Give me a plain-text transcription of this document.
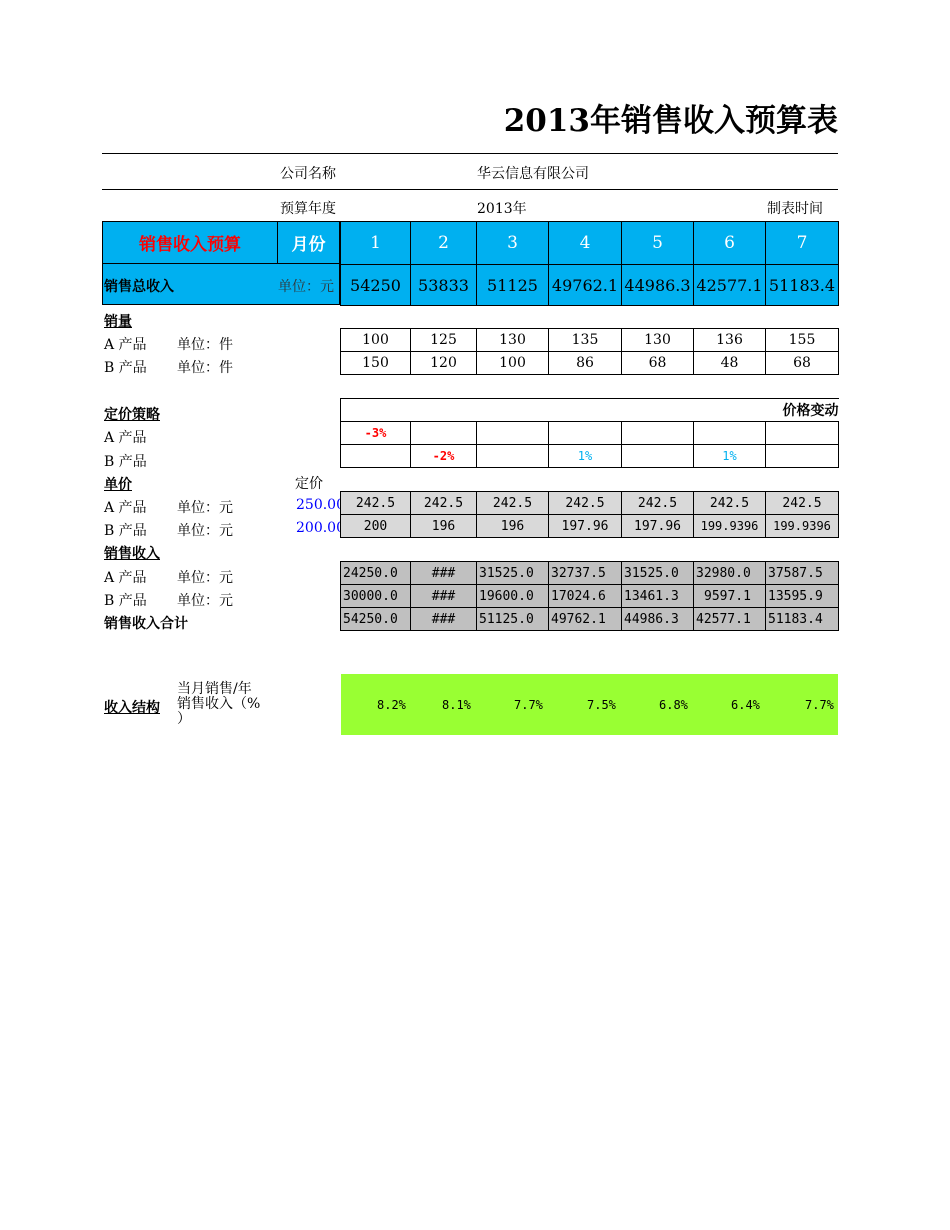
2013年销售收入预算表
公司名称	华云信息有限公司
预算年度	2013年	制表时间
销售收入预算	月份	1	2	3	4	5	6	7
销售总收入	单位：元 54250	53833	51125	49762.1	44986.3	42577.1	51183.4
销量
A 产品 单位：件
B 产品 单位：件
100	125	130	135	130	136	155
150	120	100	86	68	48	68
定价策略
A 产品
B 产品
价格变动						
-3%						
	-2%		1%		1%	
单价	定价
A 产品 单位：元	250.00
B 产品 单位：元	200.00
242.5	242.5	242.5	242.5	242.5	242.5	242.5
200	196	196	197.96	197.96	199.9396	199.9396
销售收入
A 产品 单位：元
B 产品 单位：元
销售收入合计
24250.0	###	31525.0	32737.5	31525.0	32980.0	37587.5
30000.0	###	19600.0	17024.6	13461.3	9597.1	13595.9
54250.0	###	51125.0	49762.1	44986.3	42577.1	51183.4
收入结构
当月销售/年
销售收入（%
）
8.2%	8.1%	7.7%	7.5%	6.8%	6.4%	7.7%
